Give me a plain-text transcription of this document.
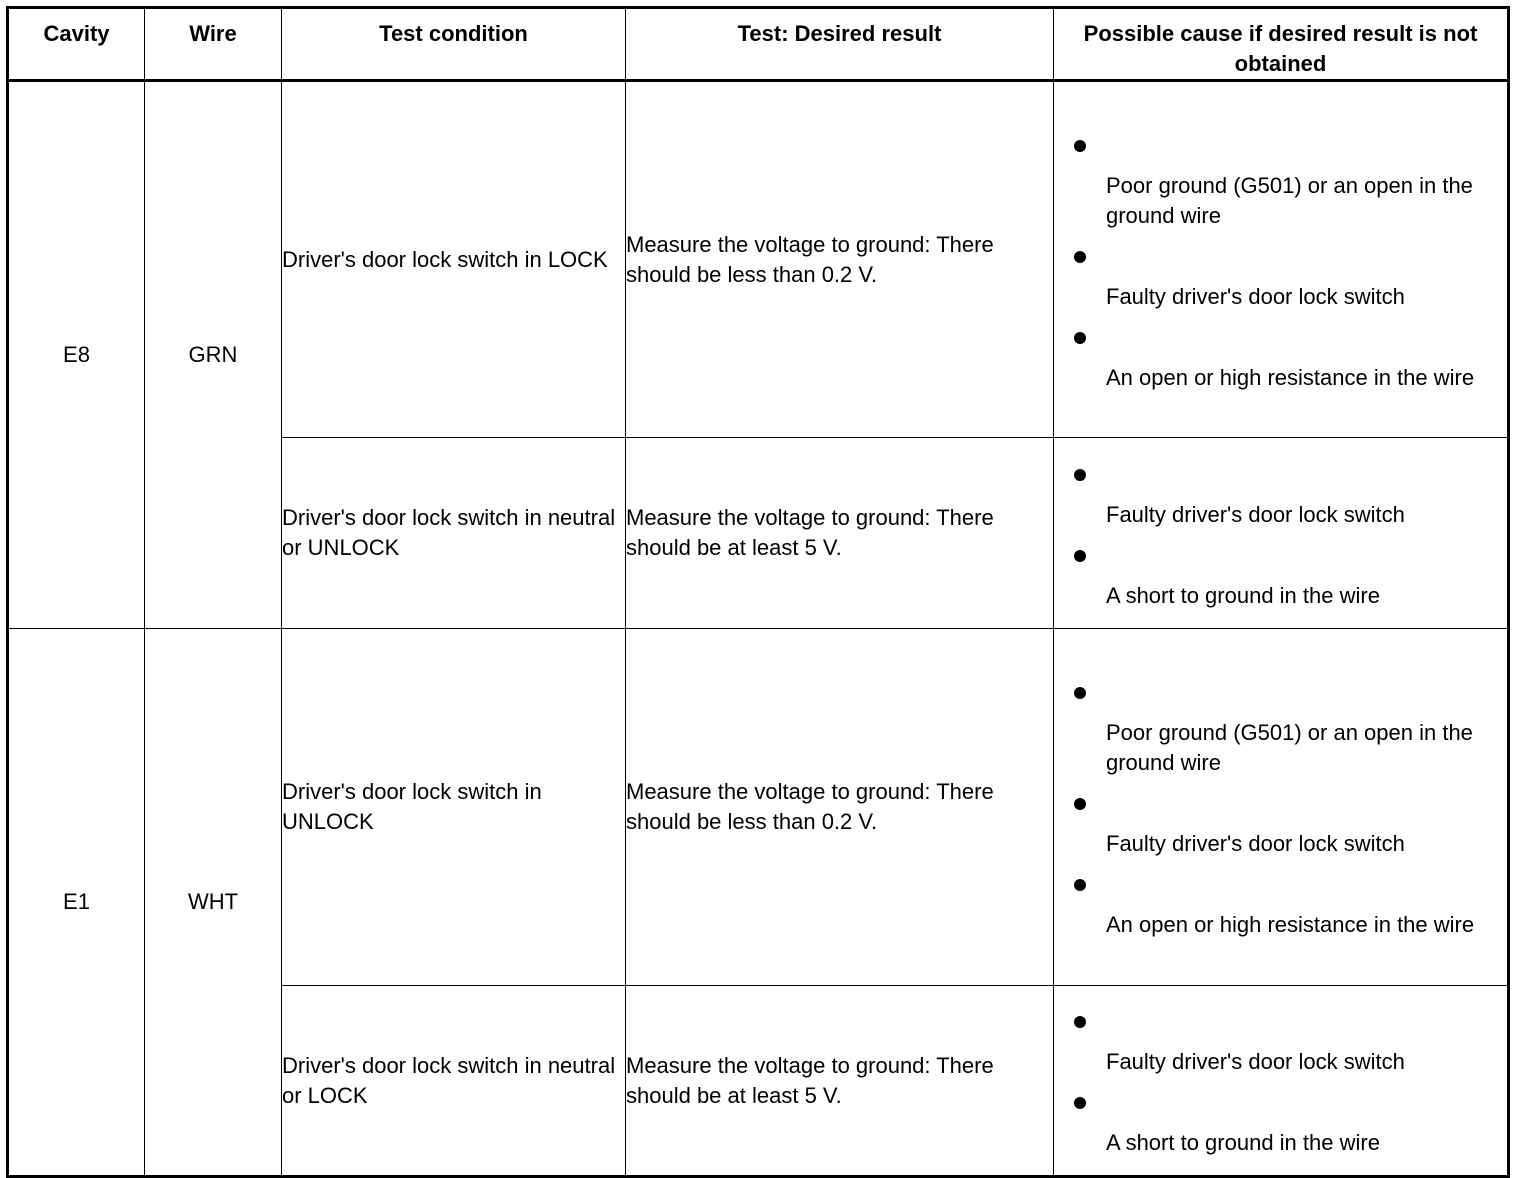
Cavity	Wire	Test condition	Test: Desired result	Possible cause if desired result is not obtained
E8	GRN	Driver's door lock switch in LOCK	Measure the voltage to ground: There should be less than 0.2 V.	Poor ground (G501) or an open in the ground wire
Faulty driver's door lock switch
An open or high resistance in the wire

		Driver's door lock switch in neutral or UNLOCK	Measure the voltage to ground: There should be at least 5 V.	Faulty driver's door lock switch
A short to ground in the wire

E1	WHT	Driver's door lock switch in UNLOCK	Measure the voltage to ground: There should be less than 0.2 V.	Poor ground (G501) or an open in the ground wire
Faulty driver's door lock switch
An open or high resistance in the wire

		Driver's door lock switch in neutral or LOCK	Measure the voltage to ground: There should be at least 5 V.	Faulty driver's door lock switch
A short to ground in the wire
